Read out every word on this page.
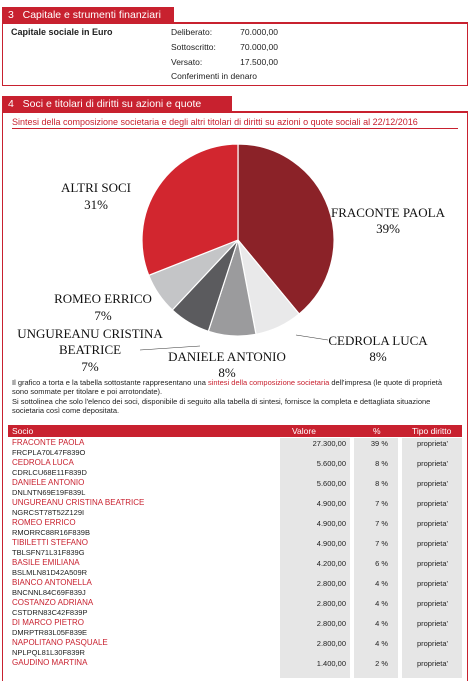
3 Capitale e strumenti finanziari
Capitale sociale in Euro	Deliberato:	70.000,00
Sottoscritto:	70.000,00
Versato:	17.500,00
Conferimenti in denaro
4 Soci e titolari di diritti su azioni e quote
Sintesi della composizione societaria e degli altri titolari di diritti su azioni o quote sociali al 22/12/2016
FRACONTE PAOLA
39%
CEDROLA LUCA
8%
DANIELE ANTONIO
8%
UNGUREANU CRISTINA
BEATRICE
7%
ROMEO ERRICO
7%
ALTRI SOCI
31%
Il grafico a torta e la tabella sottostante rappresentano una sintesi della composizione societaria dell'impresa (le quote di proprietà sono sommate per titolare e poi arrotondate).
Si sottolinea che solo l'elenco dei soci, disponibile di seguito alla tabella di sintesi, fornisce la completa e dettagliata situazione societaria così come depositata.
Socio	Valore	%	Tipo diritto
FRACONTE PAOLA
FRCPLA70L47F839O
27.300,00	39 %	proprieta'
CEDROLA LUCA
CDRLCU68E11F839D
5.600,00	8 %	proprieta'
DANIELE ANTONIO
DNLNTN69E19F839L
5.600,00	8 %	proprieta'
UNGUREANU CRISTINA BEATRICE
NGRCST78T52Z129I
4.900,00	7 %	proprieta'
ROMEO ERRICO
RMORRC88R16F839B
4.900,00	7 %	proprieta'
TIBILETTI STEFANO
TBLSFN71L31F839G
4.900,00	7 %	proprieta'
BASILE EMILIANA
BSLMLN81D42A509R
4.200,00	6 %	proprieta'
BIANCO ANTONELLA
BNCNNL84C69F839J
2.800,00	4 %	proprieta'
COSTANZO ADRIANA
CSTDRN83C42F839P
2.800,00	4 %	proprieta'
DI MARCO PIETRO
DMRPTR83L05F839E
2.800,00	4 %	proprieta'
NAPOLITANO PASQUALE
NPLPQL81L30F839R
2.800,00	4 %	proprieta'
GAUDINO MARTINA	1.400,00	2 %	proprieta'
